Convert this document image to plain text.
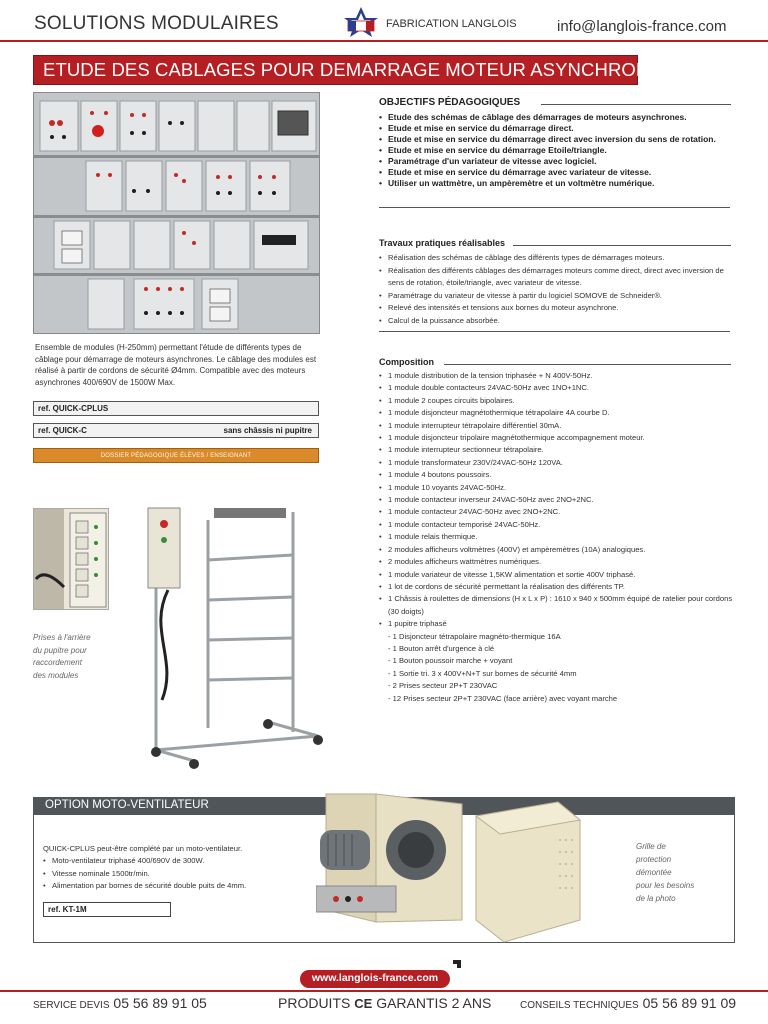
SOLUTIONS MODULAIRES	FABRICATION LANGLOIS	info@langlois-france.com
ETUDE DES CABLAGES POUR DEMARRAGE MOTEUR ASYNCHRONE
Ensemble de modules (H-250mm) permettant l'étude de différents types de câblage pour démarrage de moteurs asynchrones. Le câblage des modules est réalisé à partir de cordons de sécurité Ø4mm. Compatible avec des moteurs asynchrones 400/690V de 1500W Max.
ref. QUICK-CPLUS
ref. QUICK-C	sans châssis ni pupitre
DOSSIER PÉDAGOGIQUE ÉLÈVES / ENSEIGNANT
Prises à l'arrière
du pupitre pour
raccordement
des modules
OBJECTIFS PÉDAGOGIQUES
• Etude des schémas de câblage des démarrages de moteurs asynchrones.
• Etude et mise en service du démarrage direct.
• Etude et mise en service du démarrage direct avec inversion du sens de rotation.
• Etude et mise en service du démarrage Etoile/triangle.
• Paramétrage d'un variateur de vitesse avec logiciel.
• Etude et mise en service du démarrage avec variateur de vitesse.
• Utiliser un wattmètre, un ampèremètre et un voltmètre numérique.
Travaux pratiques réalisables
• Réalisation des schémas de câblage des différents types de démarrages moteurs.
• Réalisation des différents câblages des démarrages moteurs comme direct, direct avec inversion de sens de rotation, étoile/triangle, avec variateur de vitesse.
• Paramétrage du variateur de vitesse à partir du logiciel SOMOVE de Schneider®.
• Relevé des intensités et tensions aux bornes du moteur asynchrone.
• Calcul de la puissance absorbée.
Composition
• 1 module distribution de la tension triphasée + N 400V-50Hz.
• 1 module double contacteurs 24VAC-50Hz avec 1NO+1NC.
• 1 module 2 coupes circuits bipolaires.
• 1 module disjoncteur magnétothermique tétrapolaire 4A courbe D.
• 1 module interrupteur tétrapolaire différentiel 30mA.
• 1 module disjoncteur tripolaire magnétothermique accompagnement moteur.
• 1 module interrupteur sectionneur tétrapolaire.
• 1 module transformateur 230V/24VAC-50Hz 120VA.
• 1 module 4 boutons poussoirs.
• 1 module 10 voyants 24VAC-50Hz.
• 1 module contacteur inverseur 24VAC-50Hz avec 2NO+2NC.
• 1 module contacteur 24VAC-50Hz avec 2NO+2NC.
• 1 module contacteur temporisé 24VAC-50Hz.
• 1 module relais thermique.
• 2 modules afficheurs voltmètres (400V) et ampèremètres (10A) analogiques.
• 2 modules afficheurs wattmètres numériques.
• 1 module variateur de vitesse 1,5KW alimentation et sortie 400V triphasé.
• 1 lot de cordons de sécurité permettant la réalisation des différents TP.
• 1 Châssis à roulettes de dimensions (H x L x P) : 1610 x 940 x 500mm équipé de ratelier pour cordons (30 doigts)
• 1 pupitre triphasé
- 1 Disjoncteur tétrapolaire magnéto-thermique 16A
- 1 Bouton arrêt d'urgence à clé
- 1 Bouton poussoir marche + voyant
- 1 Sortie tri. 3 x 400V+N+T sur bornes de sécurité 4mm
- 2 Prises secteur 2P+T 230VAC
- 12 Prises secteur 2P+T 230VAC (face arrière) avec voyant marche
OPTION MOTO-VENTILATEUR
QUICK-CPLUS peut-être complété par un moto-ventilateur.
• Moto-ventilateur triphasé 400/690V de 300W.
• Vitesse nominale 1500tr/min.
• Alimentation par bornes de sécurité double puits de 4mm.
ref. KT-1M
Grille de
protection
démontée
pour les besoins
de la photo
www.langlois-france.com
SERVICE DEVIS 05 56 89 91 05	PRODUITS CE GARANTIS 2 ANS	CONSEILS TECHNIQUES 05 56 89 91 09
